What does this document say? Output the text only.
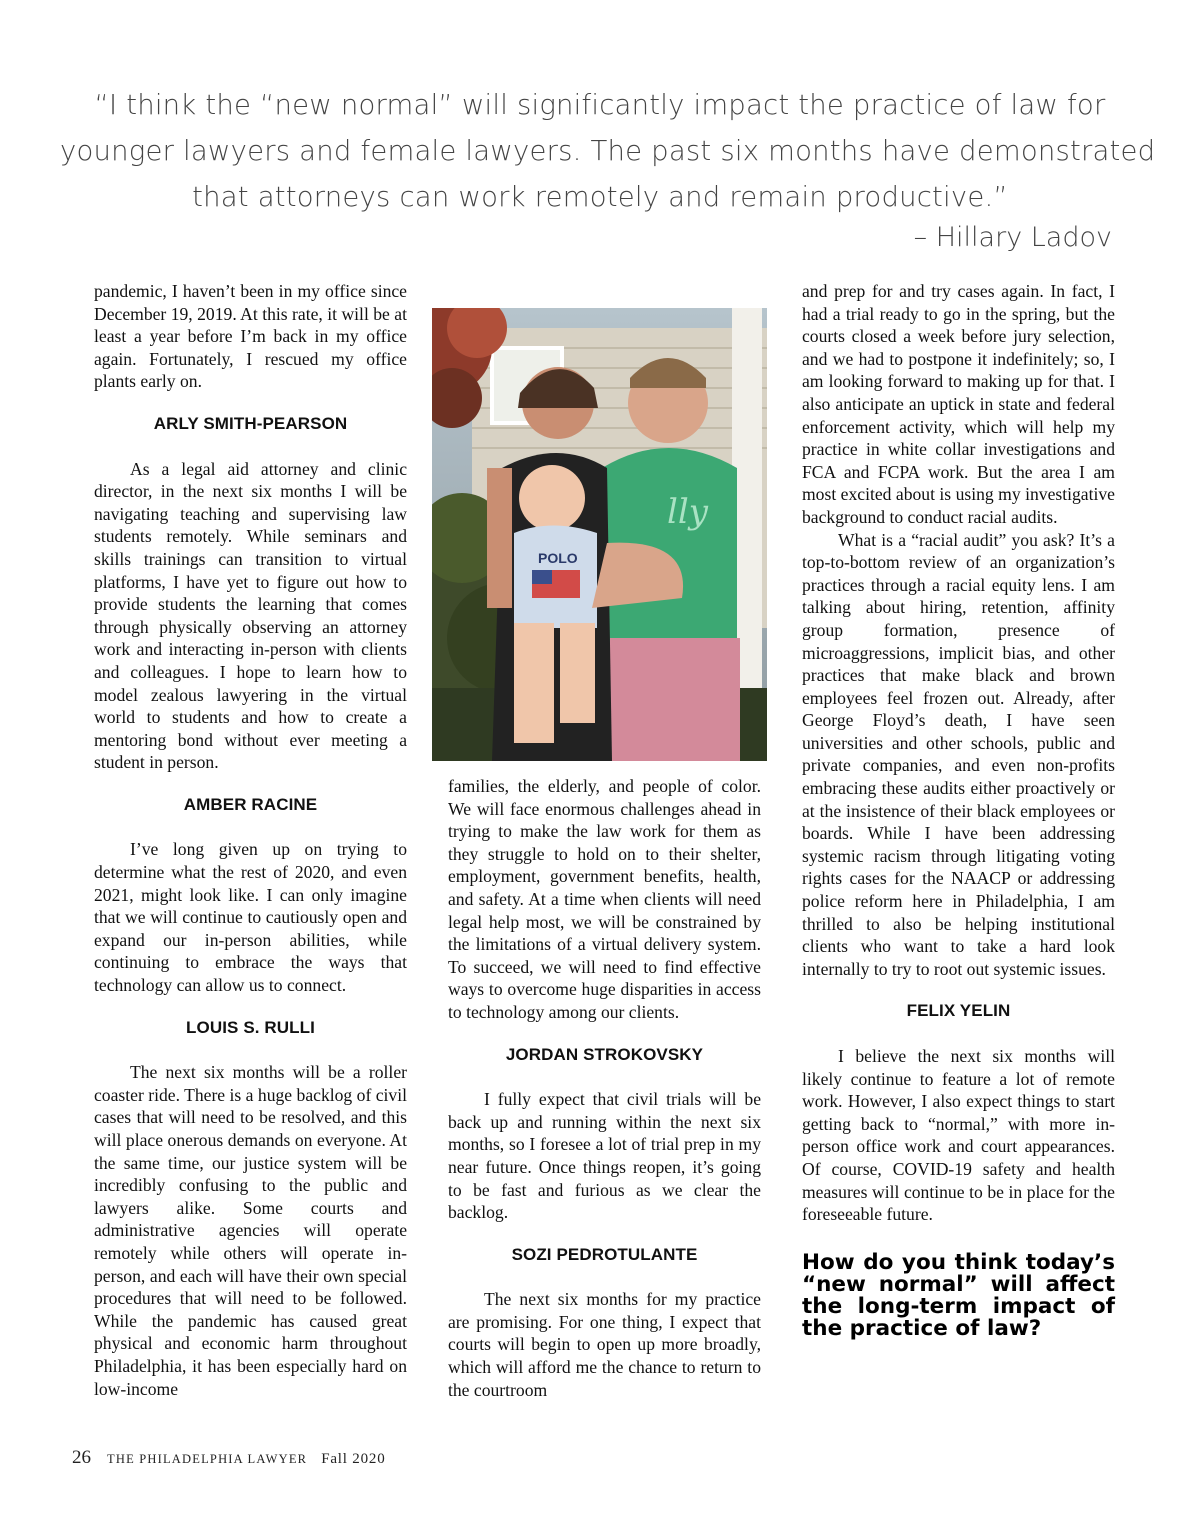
“I think the “new normal” will significantly impact the practice of law for
younger lawyers and female lawyers. The past six months have demonstrated
that attorneys can work remotely and remain productive.”
– Hillary Ladov

pandemic, I haven’t been in my office since December 19, 2019. At this rate, it will be at least a year before I’m back in my office again. Fortunately, I rescued my office plants early on.

ARLY SMITH-PEARSON

As a legal aid attorney and clinic director, in the next six months I will be navigating teaching and supervising law students remotely. While seminars and skills trainings can transition to virtual platforms, I have yet to figure out how to provide students the learning that comes through physically observing an attorney work and interacting in-person with clients and colleagues. I hope to learn how to model zealous lawyering in the virtual world to students and how to create a mentoring bond without ever meeting a student in person.

AMBER RACINE

I’ve long given up on trying to determine what the rest of 2020, and even 2021, might look like. I can only imagine that we will continue to cautiously open and expand our in-person abilities, while continuing to embrace the ways that technology can allow us to connect.

LOUIS S. RULLI

The next six months will be a roller coaster ride. There is a huge backlog of civil cases that will need to be resolved, and this will place onerous demands on everyone. At the same time, our justice system will be incredibly confusing to the public and lawyers alike. Some courts and administrative agencies will operate remotely while others will operate in-person, and each will have their own special procedures that will need to be followed. While the pandemic has caused great physical and economic harm throughout Philadelphia, it has been especially hard on low-income

lly
POLO

families, the elderly, and people of color. We will face enormous challenges ahead in trying to make the law work for them as they struggle to hold on to their shelter, employment, government benefits, health, and safety. At a time when clients will need legal help most, we will be constrained by the limitations of a virtual delivery system. To succeed, we will need to find effective ways to overcome huge disparities in access to technology among our clients.

JORDAN STROKOVSKY

I fully expect that civil trials will be back up and running within the next six months, so I foresee a lot of trial prep in my near future. Once things reopen, it’s going to be fast and furious as we clear the backlog.

SOZI PEDROTULANTE

The next six months for my practice are promising. For one thing, I expect that courts will begin to open up more broadly, which will afford me the chance to return to the courtroom

and prep for and try cases again. In fact, I had a trial ready to go in the spring, but the courts closed a week before jury selection, and we had to postpone it indefinitely; so, I am looking forward to making up for that. I also anticipate an uptick in state and federal enforcement activity, which will help my practice in white collar investigations and FCA and FCPA work. But the area I am most excited about is using my investigative background to conduct racial audits.

What is a “racial audit” you ask? It’s a top-to-bottom review of an organization’s practices through a racial equity lens. I am talking about hiring, retention, affinity group formation, presence of microaggressions, implicit bias, and other practices that make black and brown employees feel frozen out. Already, after George Floyd’s death, I have seen universities and other schools, public and private companies, and even non-profits embracing these audits either proactively or at the insistence of their black employees or boards. While I have been addressing systemic racism through litigating voting rights cases for the NAACP or addressing police reform here in Philadelphia, I am thrilled to also be helping institutional clients who want to take a hard look internally to try to root out systemic issues.

FELIX YELIN

I believe the next six months will likely continue to feature a lot of remote work. However, I also expect things to start getting back to “normal,” with more in-person office work and court appearances. Of course, COVID-19 safety and health measures will continue to be in place for the foreseeable future.

How do you think today’s “new normal” will affect the long-term impact of the practice of law?
26 THE PHILADELPHIA LAWYER Fall 2020
